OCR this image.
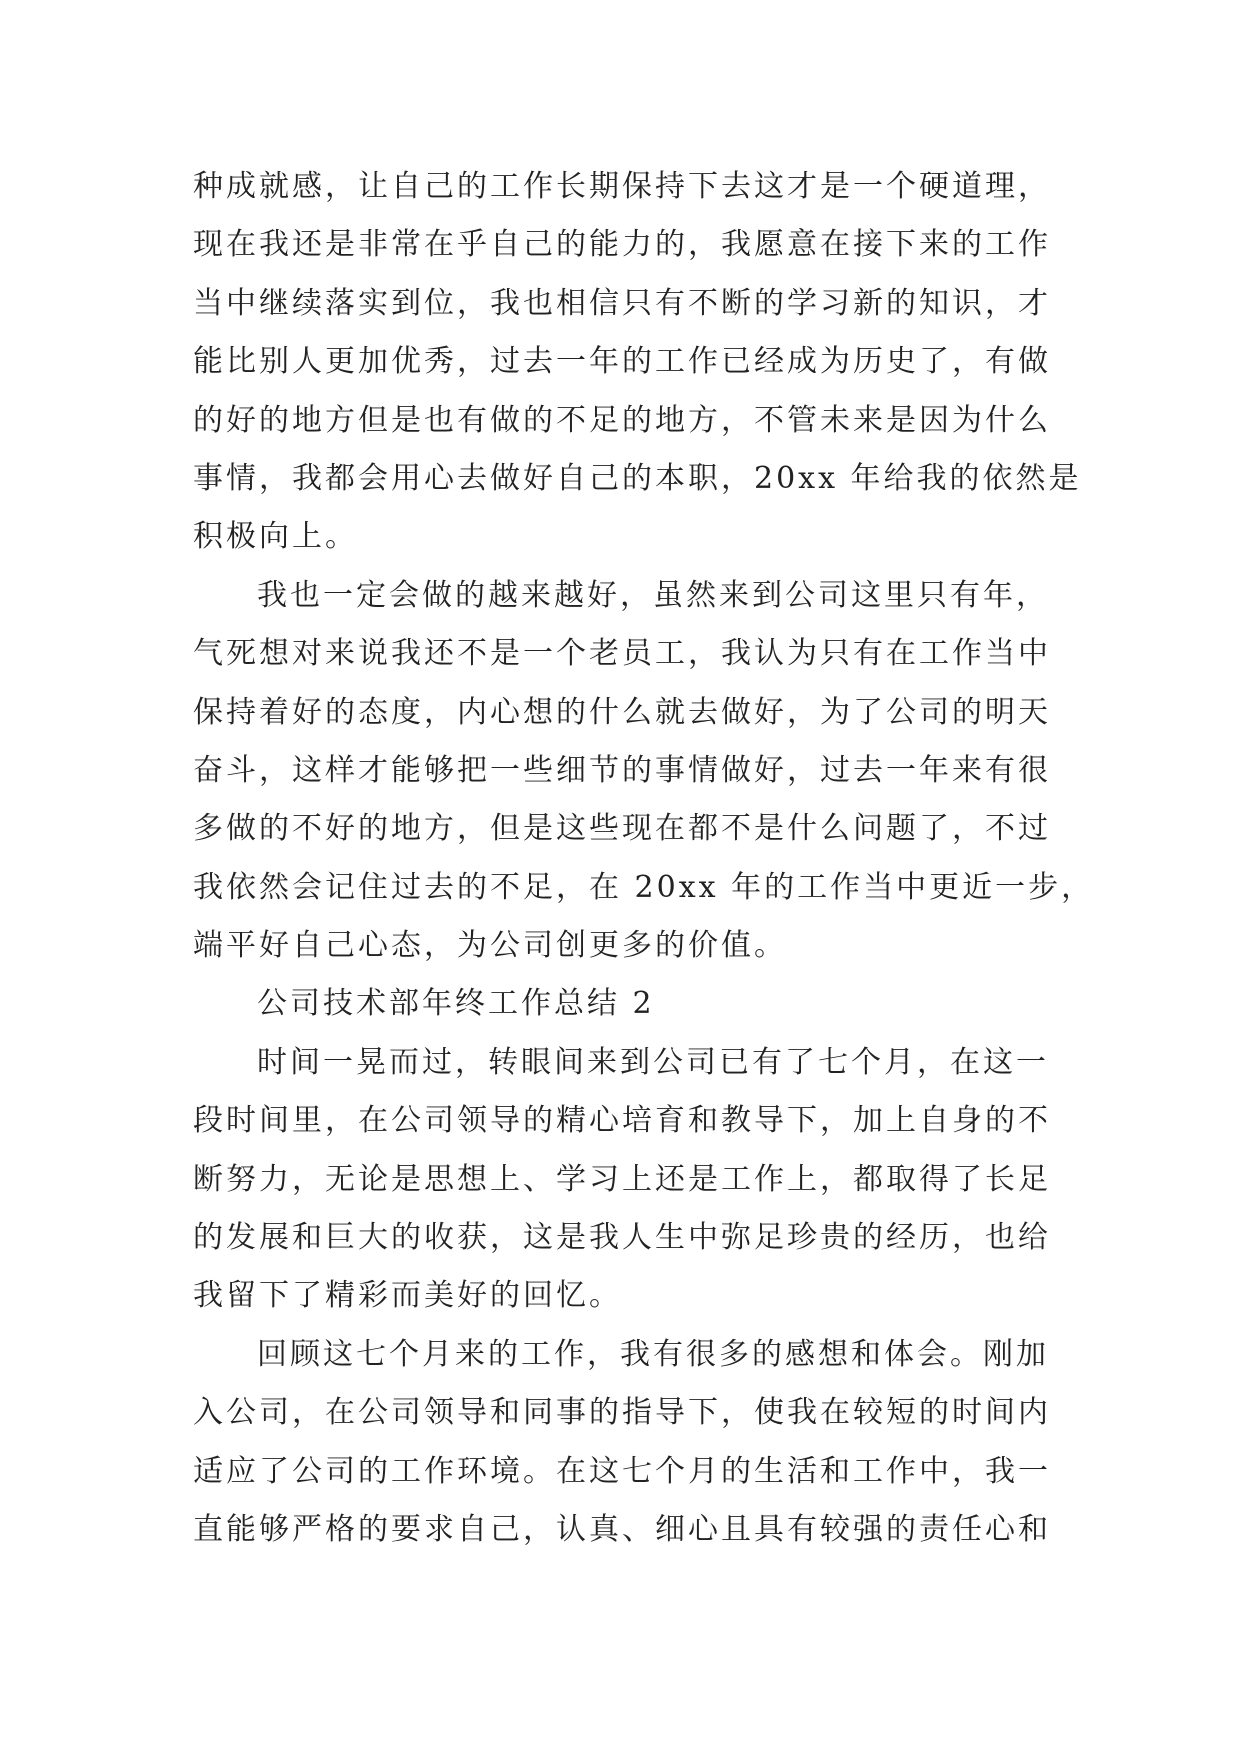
种成就感，让自己的工作长期保持下去这才是一个硬道理，
现在我还是非常在乎自己的能力的，我愿意在接下来的工作
当中继续落实到位，我也相信只有不断的学习新的知识，才
能比别人更加优秀，过去一年的工作已经成为历史了，有做
的好的地方但是也有做的不足的地方，不管未来是因为什么
事情，我都会用心去做好自己的本职，20xx 年给我的依然是
积极向上。
我也一定会做的越来越好，虽然来到公司这里只有年，
气死想对来说我还不是一个老员工，我认为只有在工作当中
保持着好的态度，内心想的什么就去做好，为了公司的明天
奋斗，这样才能够把一些细节的事情做好，过去一年来有很
多做的不好的地方，但是这些现在都不是什么问题了，不过
我依然会记住过去的不足，在 20xx 年的工作当中更近一步，
端平好自己心态，为公司创更多的价值。
公司技术部年终工作总结 2
时间一晃而过，转眼间来到公司已有了七个月，在这一
段时间里，在公司领导的精心培育和教导下，加上自身的不
断努力，无论是思想上、学习上还是工作上，都取得了长足
的发展和巨大的收获，这是我人生中弥足珍贵的经历，也给
我留下了精彩而美好的回忆。
回顾这七个月来的工作，我有很多的感想和体会。刚加
入公司，在公司领导和同事的指导下，使我在较短的时间内
适应了公司的工作环境。在这七个月的生活和工作中，我一
直能够严格的要求自己，认真、细心且具有较强的责任心和
